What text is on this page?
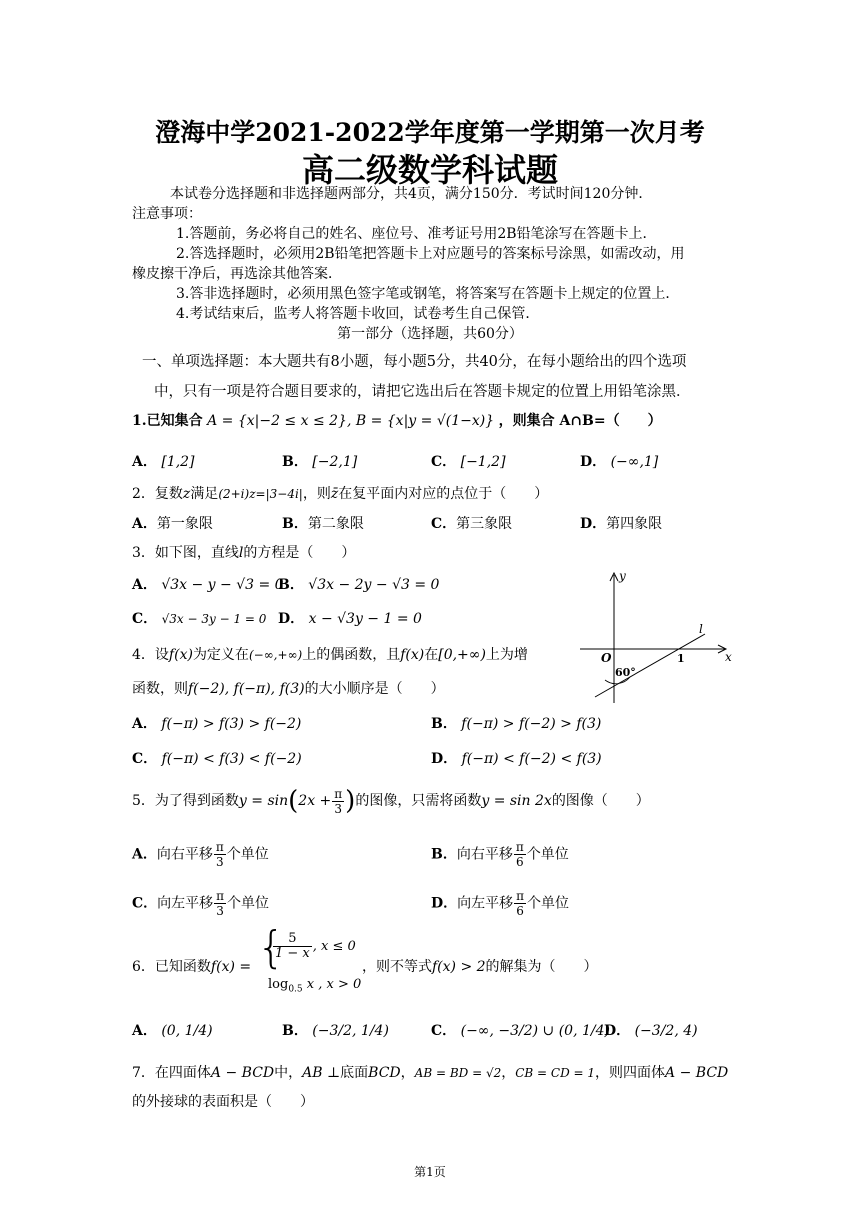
澄海中学2021-2022学年度第一学期第一次月考
高二级数学科试题
本试卷分选择题和非选择题两部分，共4页，满分150分．考试时间120分钟．
注意事项：
1.答题前，务必将自己的姓名、座位号、准考证号用2B铅笔涂写在答题卡上．
2.答选择题时，必须用2B铅笔把答题卡上对应题号的答案标号涂黑，如需改动，用
橡皮擦干净后，再选涂其他答案．
3.答非选择题时，必须用黑色签字笔或钢笔，将答案写在答题卡上规定的位置上．
4.考试结束后，监考人将答题卡收回，试卷考生自己保管．
第一部分（选择题，共60分）
一、单项选择题：本大题共有8小题，每小题5分，共40分，在每小题给出的四个选项
中，只有一项是符合题目要求的，请把它选出后在答题卡规定的位置上用铅笔涂黑．
1.已知集合 A = {x|−2 ≤ x ≤ 2}, B = {x|y = √(1−x)} ，则集合 A∩B=（　　）
A． [1,2]	B． [−2,1]	C． [−1,2]	D． (−∞,1]
2．复数z满足(2+i)z=|3−4i|，则z̄在复平面内对应的点位于（　　）
A．第一象限	B．第二象限	C．第三象限	D．第四象限
3．如下图，直线l的方程是（　　）
A． √3x − y − √3 = 0
B． √3x − 2y − √3 = 0
C． √3x − 3y − 1 = 0 D． x − √3y − 1 = 0
y
x
O	1
l
60°
4．设f(x)为定义在(−∞,+∞)上的偶函数，且f(x)在[0,+∞)上为增
函数，则f(−2), f(−π), f(3)的大小顺序是（　　）
A． f(−π) > f(3) > f(−2)	B． f(−π) > f(−2) > f(3)
C． f(−π) < f(3) < f(−2)	D． f(−π) < f(−2) < f(3)
5．为了得到函数$y = \sin(2x + \frac{\pi}{3}$ )的图像，只需将函数y = sin 2x的图像（　　）
A．向右平移 $\frac{\pi}{3}$ 个单位	B．向右平移 $\frac{\pi}{6}$ 个单位
C．向左平移 $\frac{\pi}{3}$ 个单位	D．向左平移 $\frac{\pi}{6}$ 个单位
6．已知函数f(x) = {
$\frac{5}{1 - x}$ , x ≤ 0
$\log_{0.5} x$ , x > 0
，则不等式f(x) > 2的解集为（　　）
A． (0, 1/4)	B． (−3/2, 1/4)	C． (−∞, −3/2) ∪ (0, 1/4)
D． (−3/2, 4)
7．在四面体A − BCD中，AB ⊥底面BCD，AB = BD = √2，CB = CD = 1，则四面体A − BCD
的外接球的表面积是（　　）
第1页
